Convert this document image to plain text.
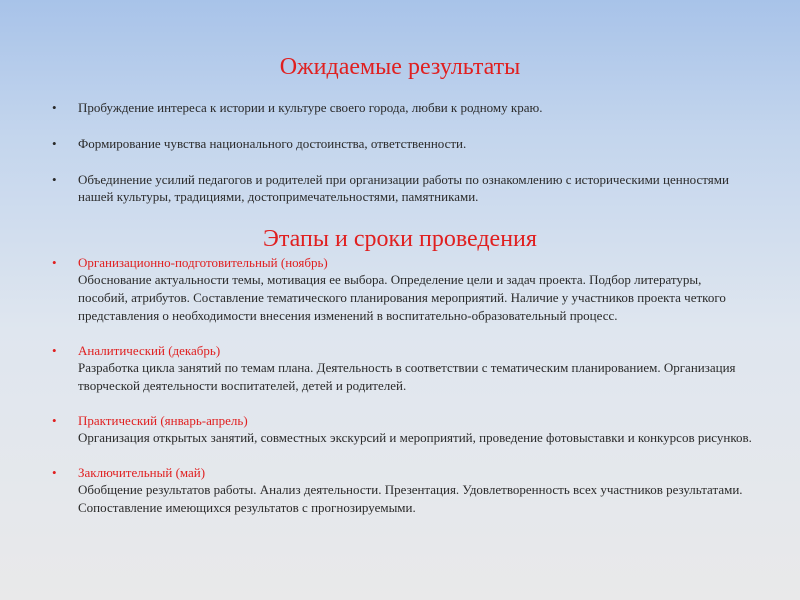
Ожидаемые результаты
• Пробуждение интереса к истории и культуре своего города, любви к родному краю.
• Формирование чувства национального достоинства, ответственности.
• Объединение усилий педагогов и родителей при организации работы по ознакомлению с историческими ценностями нашей культуры, традициями, достопримечательностями, памятниками.
Этапы и сроки проведения
• Организационно-подготовительный (ноябрь)
Обоснование актуальности темы, мотивация ее выбора. Определение цели и задач проекта. Подбор литературы, пособий, атрибутов. Составление тематического планирования мероприятий. Наличие у участников проекта четкого представления о необходимости внесения изменений в воспитательно-образовательный процесс.
• Аналитический (декабрь)
Разработка цикла занятий по темам плана. Деятельность в соответствии с тематическим планированием. Организация творческой деятельности воспитателей, детей и родителей.
• Практический (январь-апрель)
Организация открытых занятий, совместных экскурсий и мероприятий, проведение фотовыставки и конкурсов рисунков.
• Заключительный (май)
Обобщение результатов работы. Анализ деятельности. Презентация. Удовлетворенность всех участников результатами. Сопоставление имеющихся результатов с прогнозируемыми.
